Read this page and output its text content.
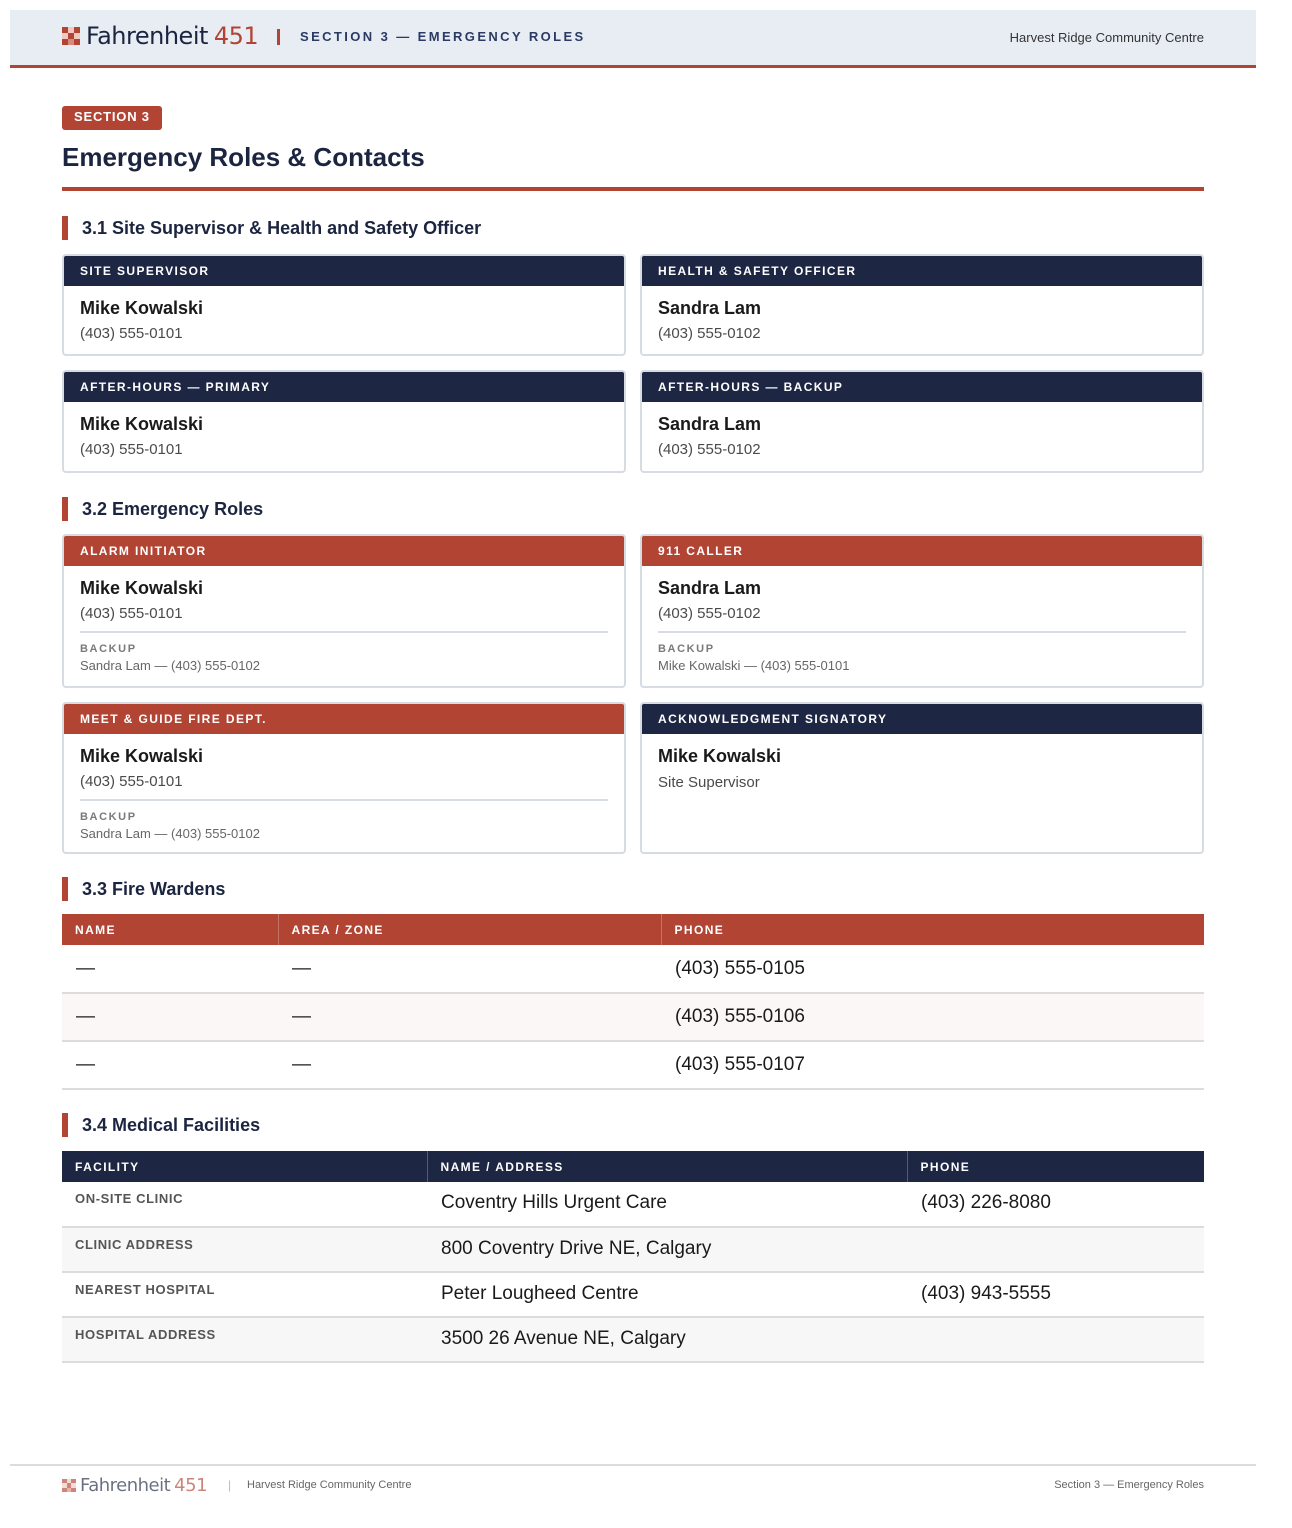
Fahrenheit 451	SECTION 3 — EMERGENCY ROLES	Harvest Ridge Community Centre
SECTION 3
Emergency Roles & Contacts
3.1 Site Supervisor & Health and Safety Officer
SITE SUPERVISOR
Mike Kowalski
(403) 555-0101
HEALTH & SAFETY OFFICER
Sandra Lam
(403) 555-0102
AFTER-HOURS — PRIMARY
Mike Kowalski
(403) 555-0101
AFTER-HOURS — BACKUP
Sandra Lam
(403) 555-0102
3.2 Emergency Roles
ALARM INITIATOR
Mike Kowalski
(403) 555-0101
BACKUP
Sandra Lam — (403) 555-0102
911 CALLER
Sandra Lam
(403) 555-0102
BACKUP
Mike Kowalski — (403) 555-0101
MEET & GUIDE FIRE DEPT.
Mike Kowalski
(403) 555-0101
BACKUP
Sandra Lam — (403) 555-0102
ACKNOWLEDGMENT SIGNATORY
Mike Kowalski
Site Supervisor
3.3 Fire Wardens
NAME	AREA / ZONE	PHONE
—	—	(403) 555-0105
—	—	(403) 555-0106
—	—	(403) 555-0107
3.4 Medical Facilities
FACILITY	NAME / ADDRESS	PHONE
ON-SITE CLINIC	Coventry Hills Urgent Care	(403) 226-8080
CLINIC ADDRESS	800 Coventry Drive NE, Calgary	
NEAREST HOSPITAL	Peter Lougheed Centre	(403) 943-5555
HOSPITAL ADDRESS	3500 26 Avenue NE, Calgary	
Fahrenheit 451 | Harvest Ridge Community Centre	Section 3 — Emergency Roles
